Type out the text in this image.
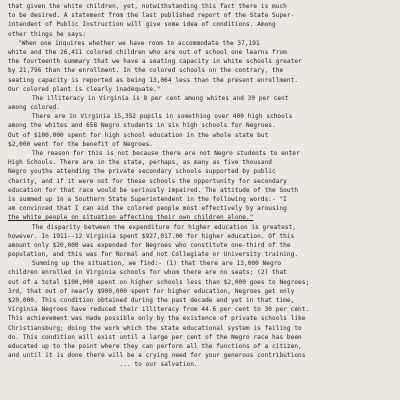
that given the white children, yet, notwithstanding this fact there is much
to be desired. A statement from the last published report of the State Super-
intendent of Public Instruction will give some idea of conditions. Among
other things he says:
"When one inquires whether we have room to accommodate the 37,191
white and the 26,411 colored children who are out of school one learns from
the fourteenth summary that we have a seating capacity in white schools greater
by 21,796 than the enrollment. In the colored schools on the contrary, the
seating capacity is reported as being 13,064 less than the present enrollment.
Our colored plant is clearly inadequate."
The illiteracy in Virginia is 8 per cent among whites and 30 per cent
among colored.
There are in Virginia 15,352 pupils in something over 400 high schools
among the whites and 658 Negro students in six high schools for Negroes.
Out of $100,000 spent for high school education in the whole state but
$2,000 went for the benefit of Negroes.
The reason for this is not because there are not Negro students to enter
High Schools. There are in the state, perhaps, as many as five thousand
Negro youths attending the private secondary schools supported by public
charity, and if it were not for these schools the opportunity for secondary
education for that race would be seriously impaired. The attitude of the South
is summed up in a Southern State Superintendent in the following words:- "I
am convinced that I can aid the colored people most effectively by arousing
the white people on situation affecting their own children alone."
The disparity between the expenditure for higher education is greatest,
however. In 1911--12 Virginia spent $927,017.00 for higher education. Of this
amount only $20,000 was expended for Negroes who constitute one-third of the
population, and this was for Normal and not Collegiate or University training.
Summing up the situation, we find:- (1) that there are 13,000 Negro
children enrolled in Virginia schools for whom there are no seats; (2) that
out of a total $100,000 spent on higher schools less than $2,000 goes to Negroes;
3rd, that out of nearly $900,000 spent for higher education, Negroes get only
$20,000. This condition obtained during the past decade and yet in that time,
Virginia Negroes have reduced their illiteracy from 44.6 per cent to 30 per cent.
This achievement was made possible only by the existence of private schools like
Christiansburg; doing the work which the state educational system is failing to
do. This condition will exist until a large per cent of the Negro race has been
educated up to the point where they can perform all the functions of a citizen,
and until it is done there will be a crying need for your generous contributions
... to our salvation.
